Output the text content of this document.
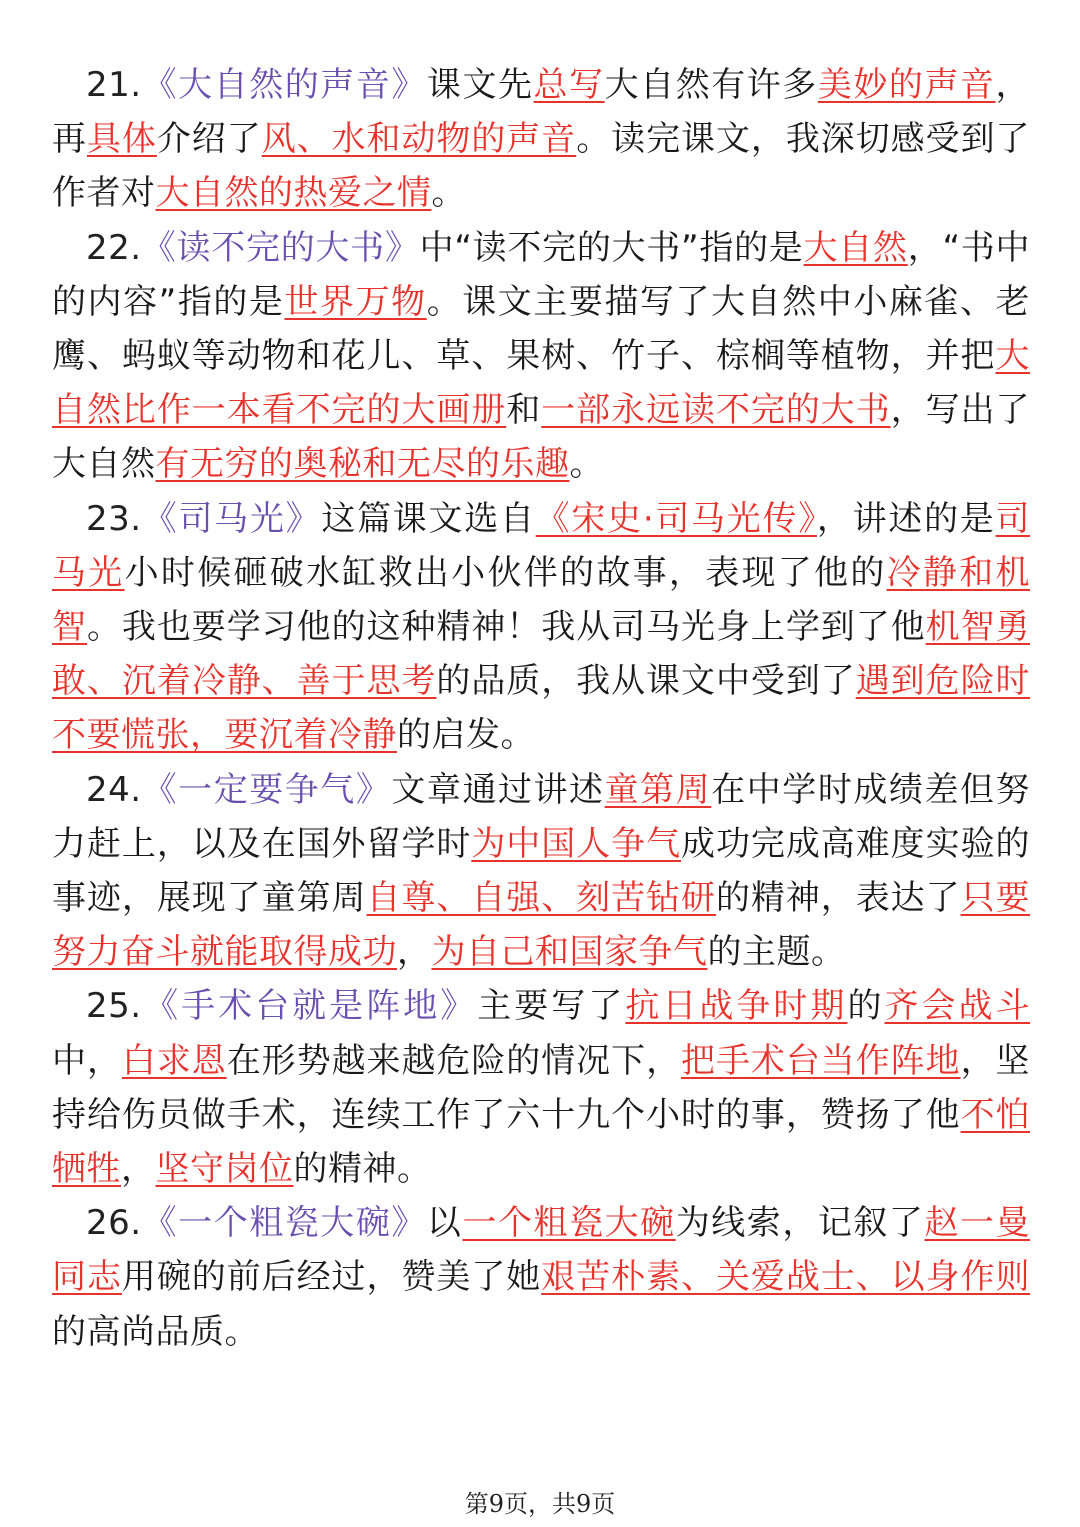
21.《大自然的声音》课文先总写大自然有许多美妙的声音，再具体介绍了风、水和动物的声音。读完课文，我深切感受到了作者对大自然的热爱之情。

22.《读不完的大书》中“读不完的大书”指的是大自然，“书中的内容”指的是世界万物。课文主要描写了大自然中小麻雀、老鹰、蚂蚁等动物和花儿、草、果树、竹子、棕榈等植物，并把大自然比作一本看不完的大画册和一部永远读不完的大书，写出了大自然有无穷的奥秘和无尽的乐趣。

23.《司马光》这篇课文选自《宋史·司马光传》，讲述的是司马光小时候砸破水缸救出小伙伴的故事，表现了他的冷静和机智。我也要学习他的这种精神！我从司马光身上学到了他机智勇敢、沉着冷静、善于思考的品质，我从课文中受到了遇到危险时不要慌张，要沉着冷静的启发。

24.《一定要争气》文章通过讲述童第周在中学时成绩差但努力赶上，以及在国外留学时为中国人争气成功完成高难度实验的事迹，展现了童第周自尊、自强、刻苦钻研的精神，表达了只要努力奋斗就能取得成功，为自己和国家争气的主题。

25.《手术台就是阵地》主要写了抗日战争时期的齐会战斗中，白求恩在形势越来越危险的情况下，把手术台当作阵地，坚持给伤员做手术，连续工作了六十九个小时的事，赞扬了他不怕牺牲，坚守岗位的精神。

26.《一个粗瓷大碗》以一个粗瓷大碗为线索，记叙了赵一曼同志用碗的前后经过，赞美了她艰苦朴素、关爱战士、以身作则的高尚品质。

第9页，共9页
